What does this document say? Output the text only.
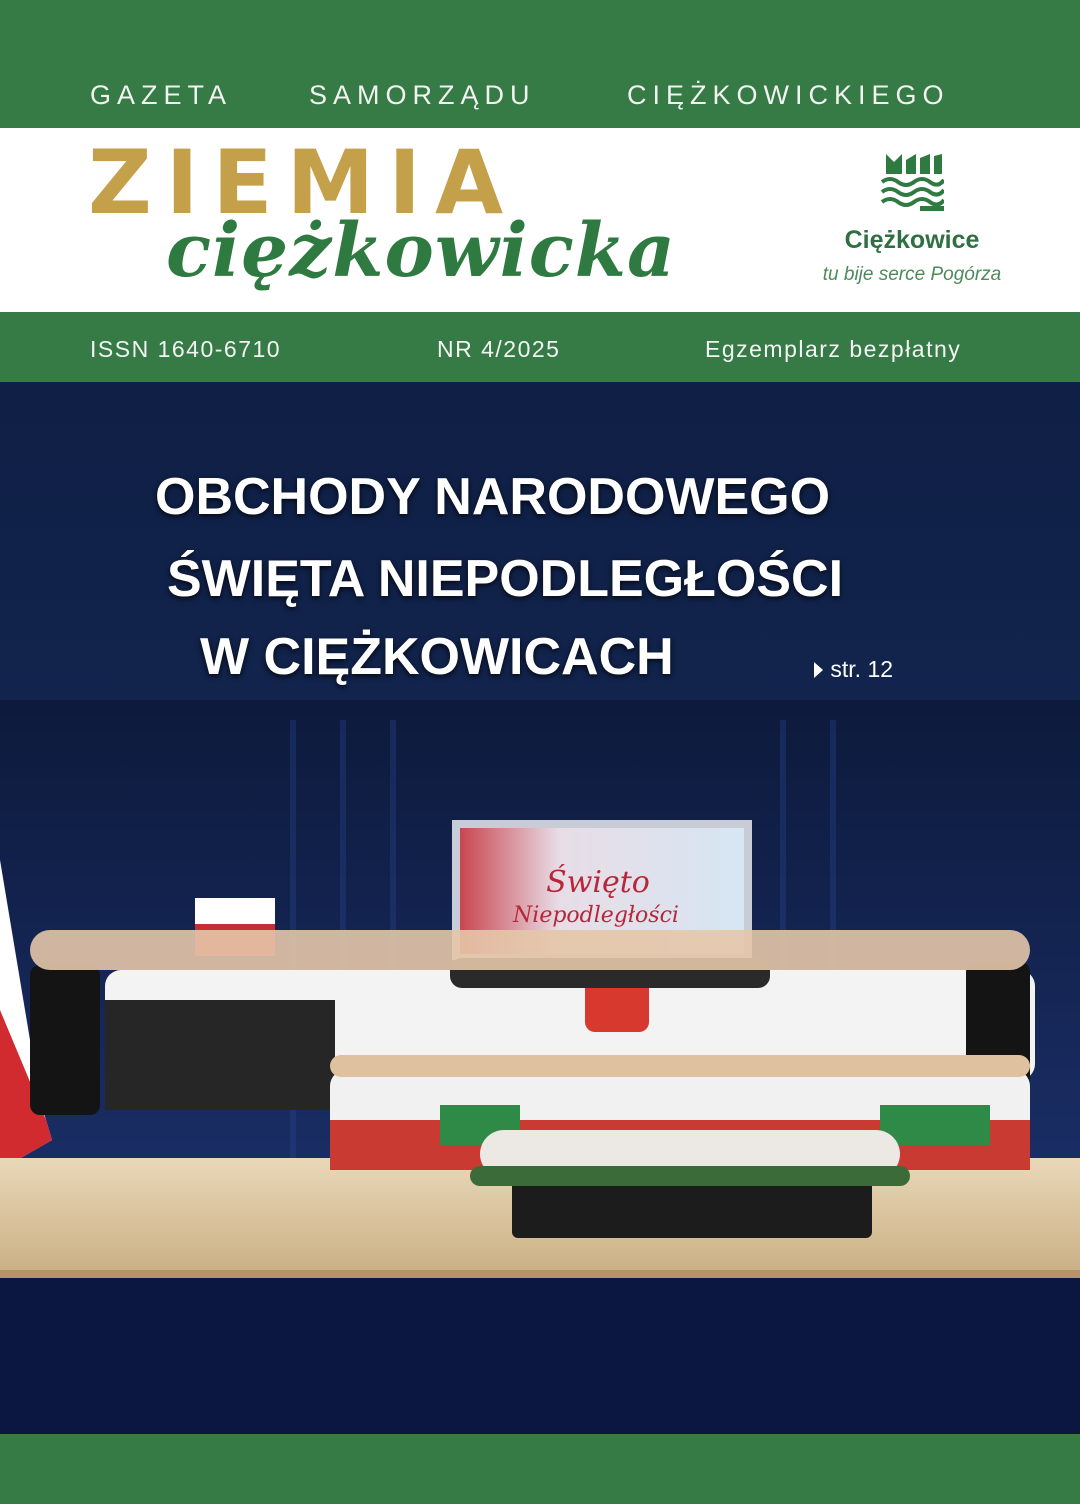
GAZETA	SAMORZĄDU	CIĘŻKOWICKIEGO
ZIEMIA
ciężkowicka	Ciężkowice
tu bije serce Pogórza
ISSN 1640-6710	NR 4/2025	Egzemplarz bezpłatny
OBCHODY NARODOWEGO
ŚWIĘTA NIEPODLEGŁOŚCI
W CIĘŻKOWICACH	str. 12
Święto
Niepodległości
